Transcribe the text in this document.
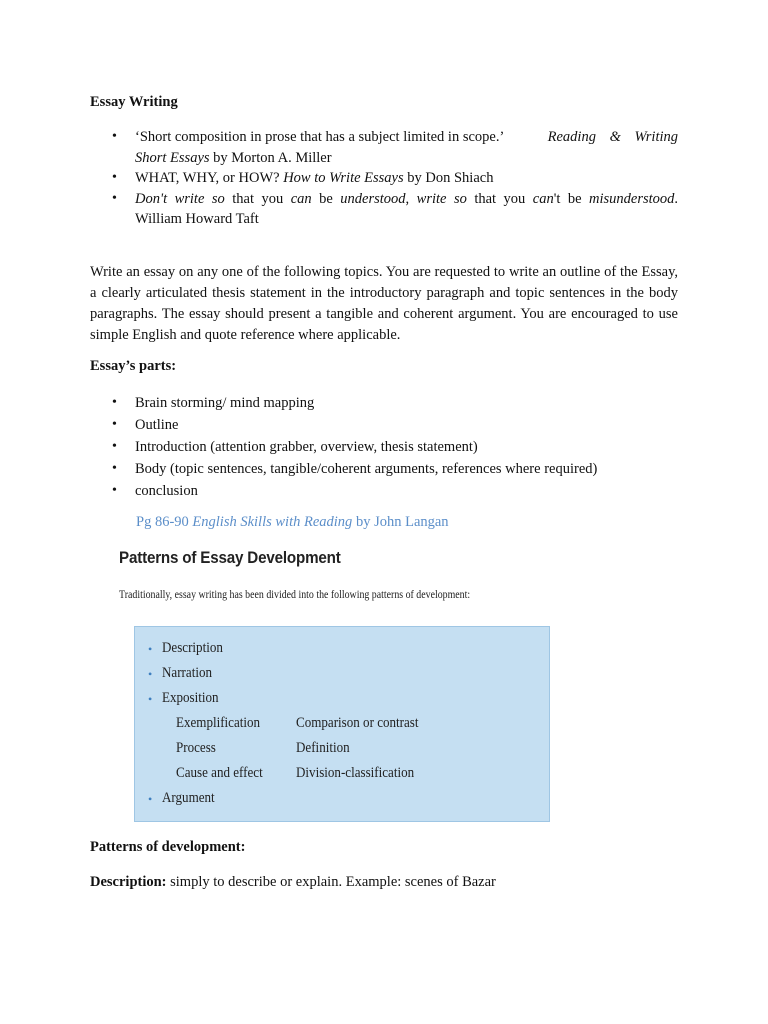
Essay Writing
• ‘Short composition in prose that has a subject limited in scope.’	Reading & Writing
Short Essays by Morton A. Miller
• WHAT, WHY, or HOW? How to Write Essays by Don Shiach
• Don't write so that you can be understood, write so that you can't be misunderstood.
William Howard Taft
Write an essay on any one of the following topics. You are requested to write an outline of the Essay, a clearly articulated thesis statement in the introductory paragraph and topic sentences in the body paragraphs. The essay should present a tangible and coherent argument. You are encouraged to use simple English and quote reference where applicable.
Essay’s parts:
• Brain storming/ mind mapping
• Outline
• Introduction (attention grabber, overview, thesis statement)
• Body (topic sentences, tangible/coherent arguments, references where required)
• conclusion
Pg 86-90 English Skills with Reading by John Langan
Patterns of Essay Development
Traditionally, essay writing has been divided into the following patterns of development:
• Description
• Narration
• Exposition
Exemplification
Process
Cause and effect
Comparison or contrast
Definition
Division-classification
• Argument
Patterns of development:
Description: simply to describe or explain. Example: scenes of Bazar
